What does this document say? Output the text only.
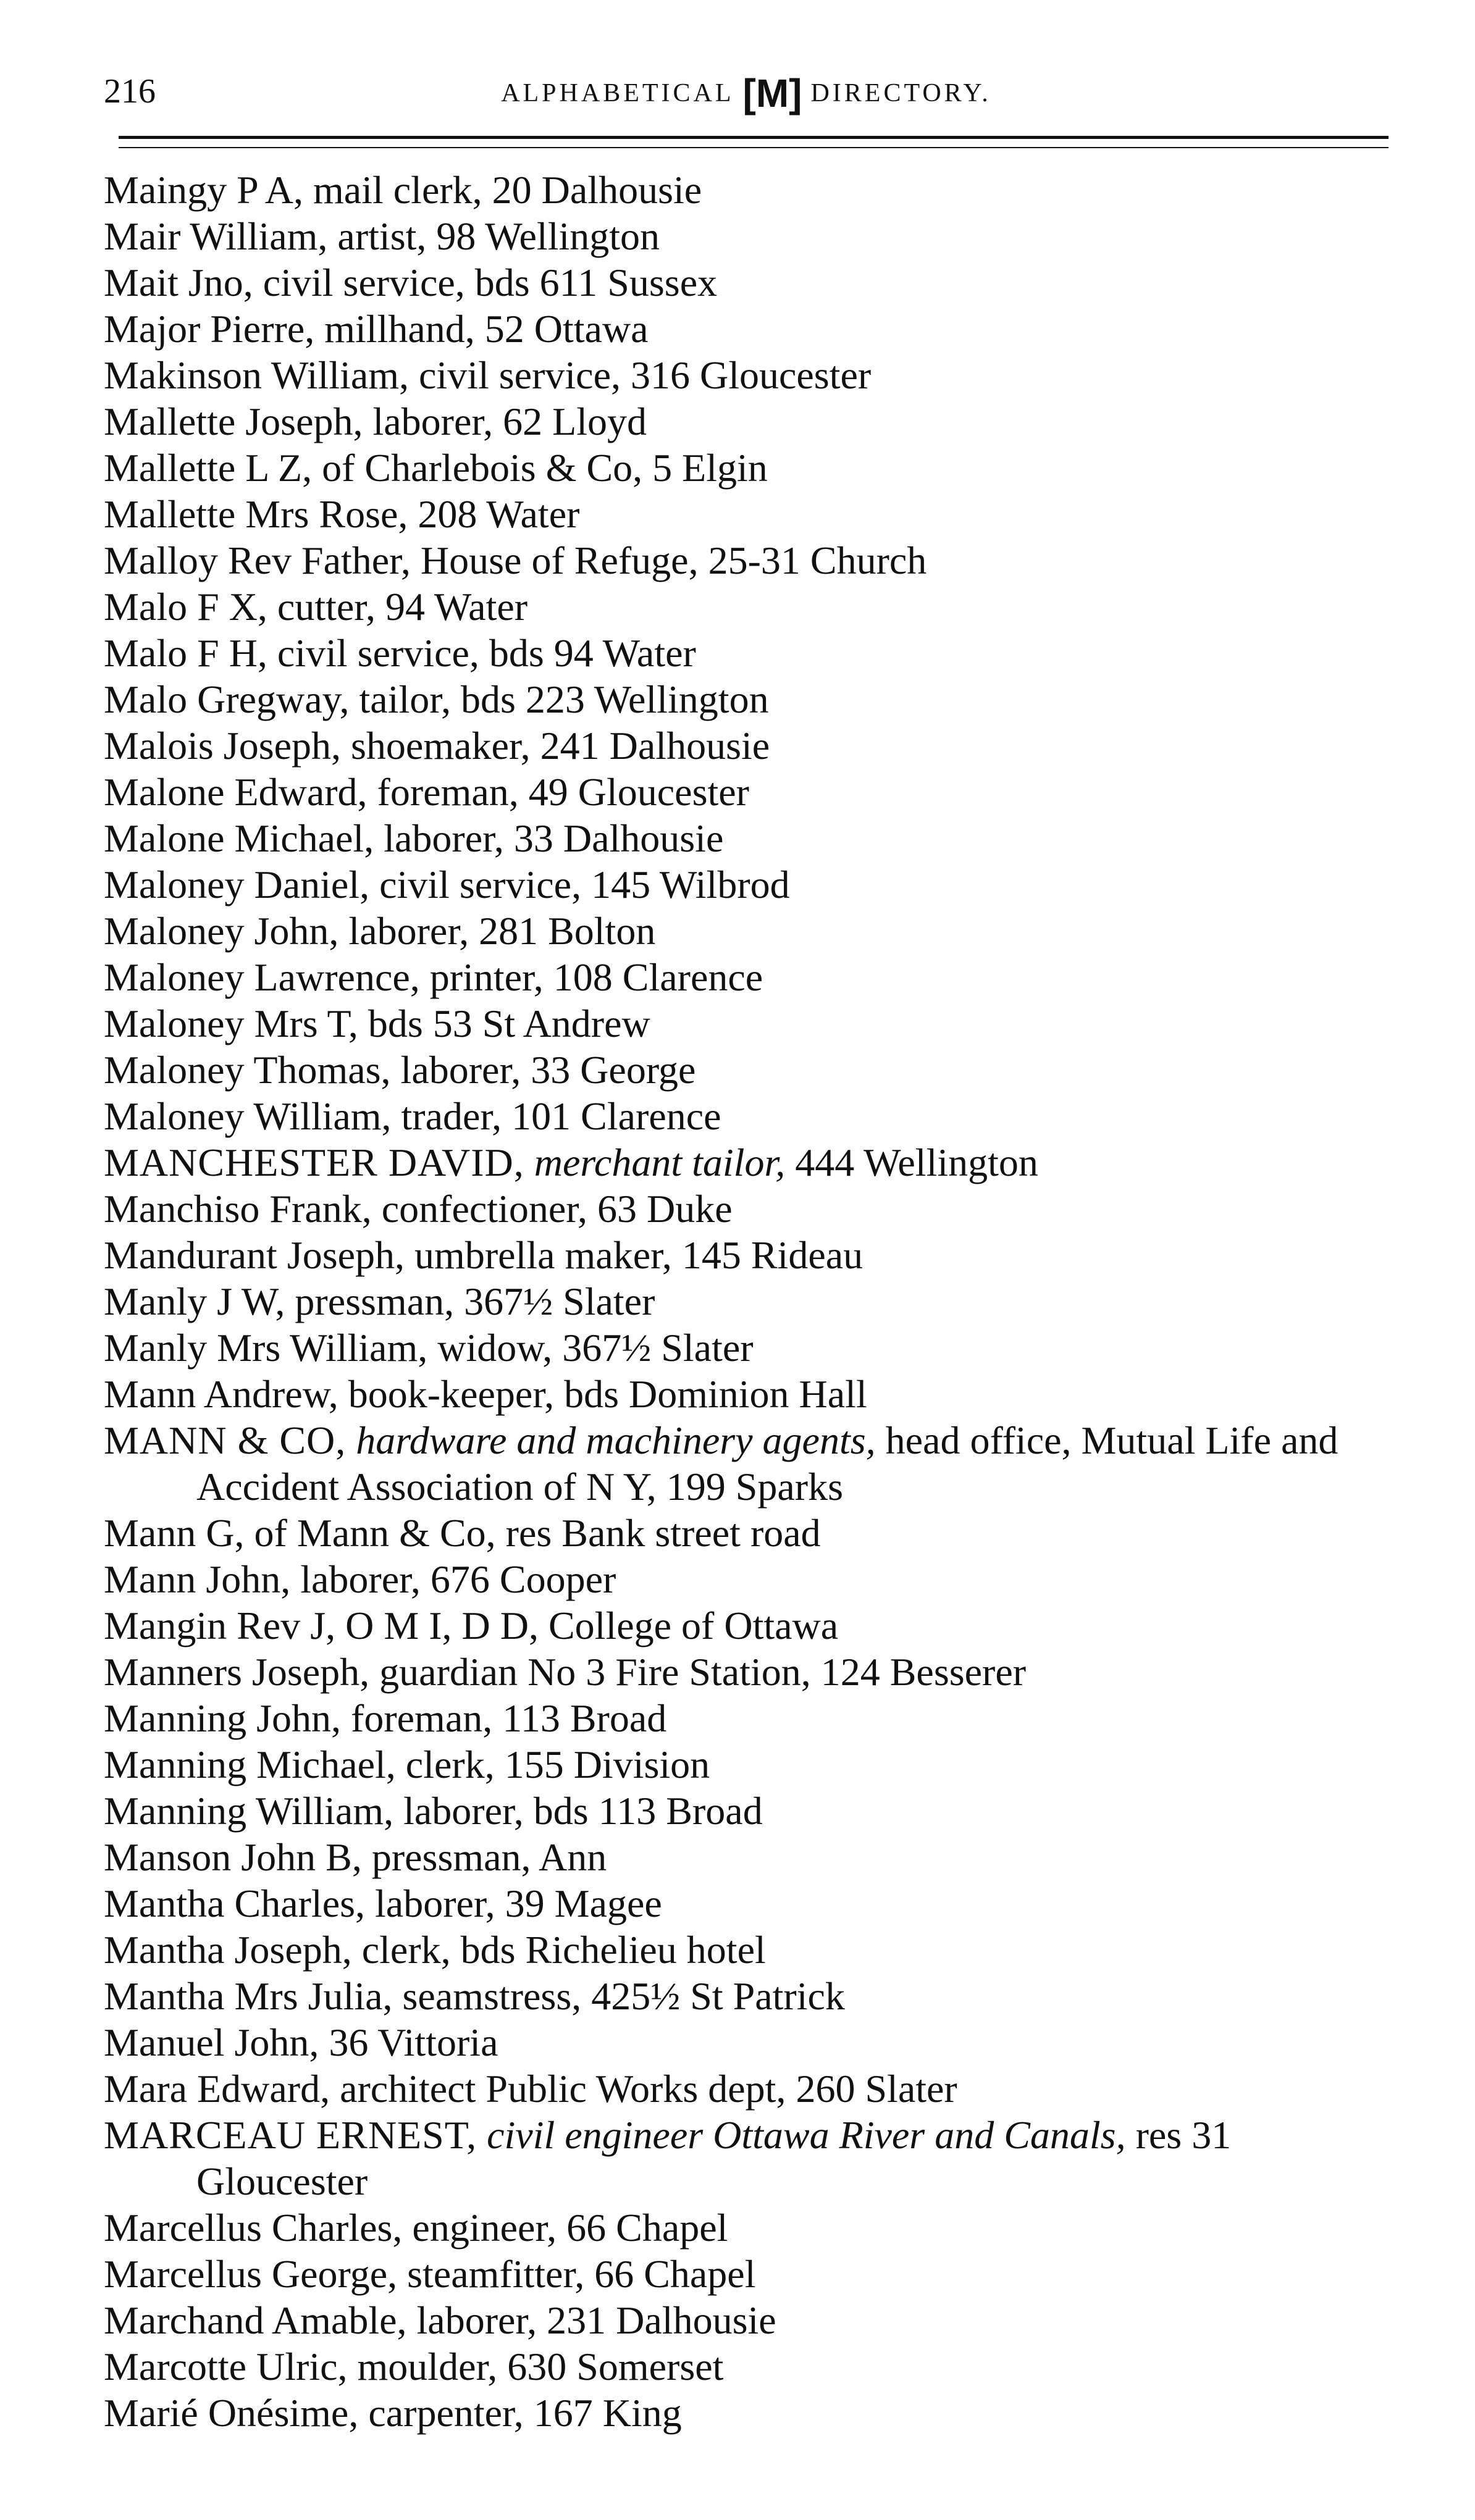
216	ALPHABETICAL [M] DIRECTORY.
Maingy P A, mail clerk, 20 Dalhousie
Mair William, artist, 98 Wellington
Mait Jno, civil service, bds 611 Sussex
Major Pierre, millhand, 52 Ottawa
Makinson William, civil service, 316 Gloucester
Mallette Joseph, laborer, 62 Lloyd
Mallette L Z, of Charlebois & Co, 5 Elgin
Mallette Mrs Rose, 208 Water
Malloy Rev Father, House of Refuge, 25-31 Church
Malo F X, cutter, 94 Water
Malo F H, civil service, bds 94 Water
Malo Gregway, tailor, bds 223 Wellington
Malois Joseph, shoemaker, 241 Dalhousie
Malone Edward, foreman, 49 Gloucester
Malone Michael, laborer, 33 Dalhousie
Maloney Daniel, civil service, 145 Wilbrod
Maloney John, laborer, 281 Bolton
Maloney Lawrence, printer, 108 Clarence
Maloney Mrs T, bds 53 St Andrew
Maloney Thomas, laborer, 33 George
Maloney William, trader, 101 Clarence
MANCHESTER DAVID, merchant tailor, 444 Wellington
Manchiso Frank, confectioner, 63 Duke
Mandurant Joseph, umbrella maker, 145 Rideau
Manly J W, pressman, 367½ Slater
Manly Mrs William, widow, 367½ Slater
Mann Andrew, book-keeper, bds Dominion Hall
MANN & CO, hardware and machinery agents, head office, Mutual Life and Accident Association of N Y, 199 Sparks
Mann G, of Mann & Co, res Bank street road
Mann John, laborer, 676 Cooper
Mangin Rev J, O M I, D D, College of Ottawa
Manners Joseph, guardian No 3 Fire Station, 124 Besserer
Manning John, foreman, 113 Broad
Manning Michael, clerk, 155 Division
Manning William, laborer, bds 113 Broad
Manson John B, pressman, Ann
Mantha Charles, laborer, 39 Magee
Mantha Joseph, clerk, bds Richelieu hotel
Mantha Mrs Julia, seamstress, 425½ St Patrick
Manuel John, 36 Vittoria
Mara Edward, architect Public Works dept, 260 Slater
MARCEAU ERNEST, civil engineer Ottawa River and Canals, res 31 Gloucester
Marcellus Charles, engineer, 66 Chapel
Marcellus George, steamfitter, 66 Chapel
Marchand Amable, laborer, 231 Dalhousie
Marcotte Ulric, moulder, 630 Somerset
Marié Onésime, carpenter, 167 King
